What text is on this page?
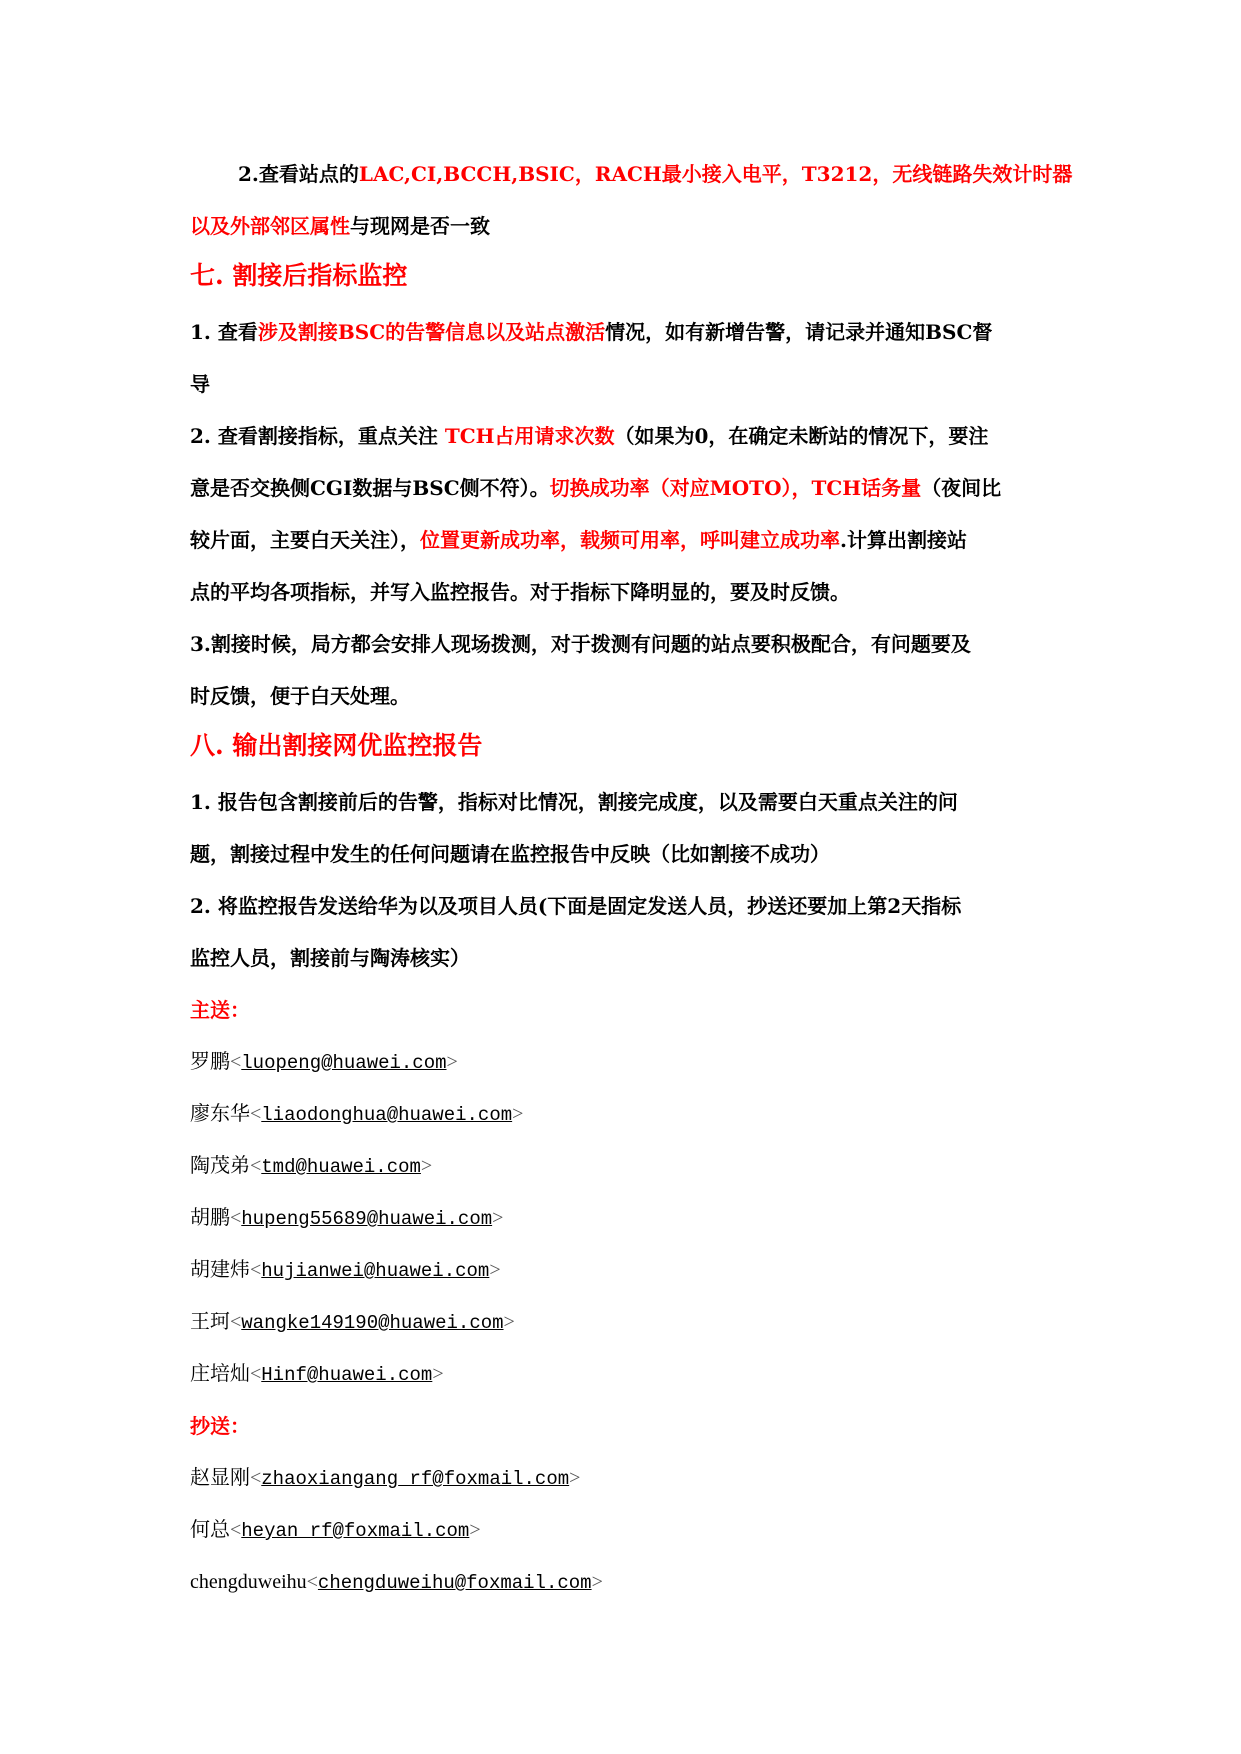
2.查看站点的LAC,CI,BCCH,BSIC，RACH最小接入电平，T3212，无线链路失效计时器
以及外部邻区属性与现网是否一致
七. 割接后指标监控
1. 查看涉及割接BSC的告警信息以及站点激活情况，如有新增告警，请记录并通知BSC督
导
2. 查看割接指标，重点关注 TCH占用请求次数（如果为0，在确定未断站的情况下，要注
意是否交换侧CGI数据与BSC侧不符）。切换成功率（对应MOTO），TCH话务量（夜间比
较片面，主要白天关注），位置更新成功率，载频可用率，呼叫建立成功率.计算出割接站
点的平均各项指标，并写入监控报告。对于指标下降明显的，要及时反馈。
3.割接时候，局方都会安排人现场拨测，对于拨测有问题的站点要积极配合，有问题要及
时反馈，便于白天处理。
八. 输出割接网优监控报告
1. 报告包含割接前后的告警，指标对比情况，割接完成度，以及需要白天重点关注的问
题，割接过程中发生的任何问题请在监控报告中反映（比如割接不成功）
2. 将监控报告发送给华为以及项目人员(下面是固定发送人员，抄送还要加上第2天指标
监控人员，割接前与陶涛核实）
主送：
罗鹏<luopeng@huawei.com>
廖东华<liaodonghua@huawei.com>
陶茂弟<tmd@huawei.com>
胡鹏<hupeng55689@huawei.com>
胡建炜<hujianwei@huawei.com>
王珂<wangke149190@huawei.com>
庄培灿<Hinf@huawei.com>
抄送：
赵显刚<zhaoxiangang_rf@foxmail.com>
何总<heyan_rf@foxmail.com>
chengduweihu<chengduweihu@foxmail.com>
